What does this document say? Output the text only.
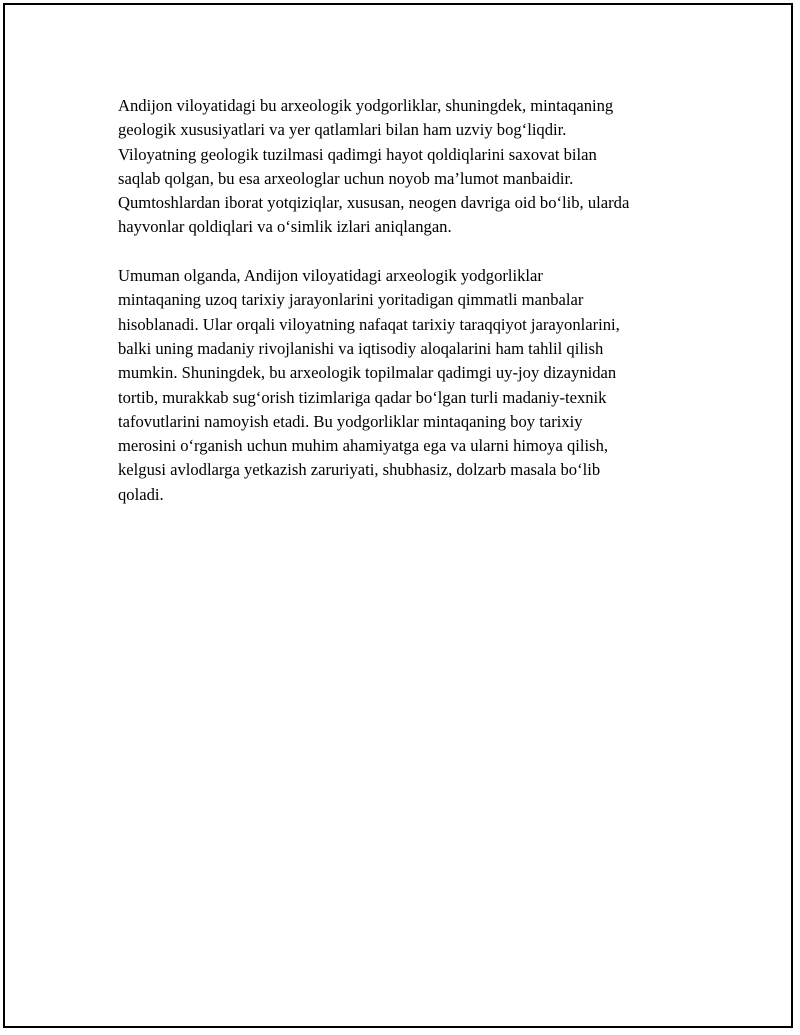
Andijon viloyatidagi bu arxeologik yodgorliklar, shuningdek, mintaqaning
geologik xususiyatlari va yer qatlamlari bilan ham uzviy bog‘liqdir.
Viloyatning geologik tuzilmasi qadimgi hayot qoldiqlarini saxovat bilan
saqlab qolgan, bu esa arxeologlar uchun noyob ma’lumot manbaidir.
Qumtoshlardan iborat yotqiziqlar, xususan, neogen davriga oid bo‘lib, ularda
hayvonlar qoldiqlari va o‘simlik izlari aniqlangan.

Umuman olganda, Andijon viloyatidagi arxeologik yodgorliklar
mintaqaning uzoq tarixiy jarayonlarini yoritadigan qimmatli manbalar
hisoblanadi. Ular orqali viloyatning nafaqat tarixiy taraqqiyot jarayonlarini,
balki uning madaniy rivojlanishi va iqtisodiy aloqalarini ham tahlil qilish
mumkin. Shuningdek, bu arxeologik topilmalar qadimgi uy-joy dizaynidan
tortib, murakkab sug‘orish tizimlariga qadar bo‘lgan turli madaniy-texnik
tafovutlarini namoyish etadi. Bu yodgorliklar mintaqaning boy tarixiy
merosini o‘rganish uchun muhim ahamiyatga ega va ularni himoya qilish,
kelgusi avlodlarga yetkazish zaruriyati, shubhasiz, dolzarb masala bo‘lib
qoladi.
